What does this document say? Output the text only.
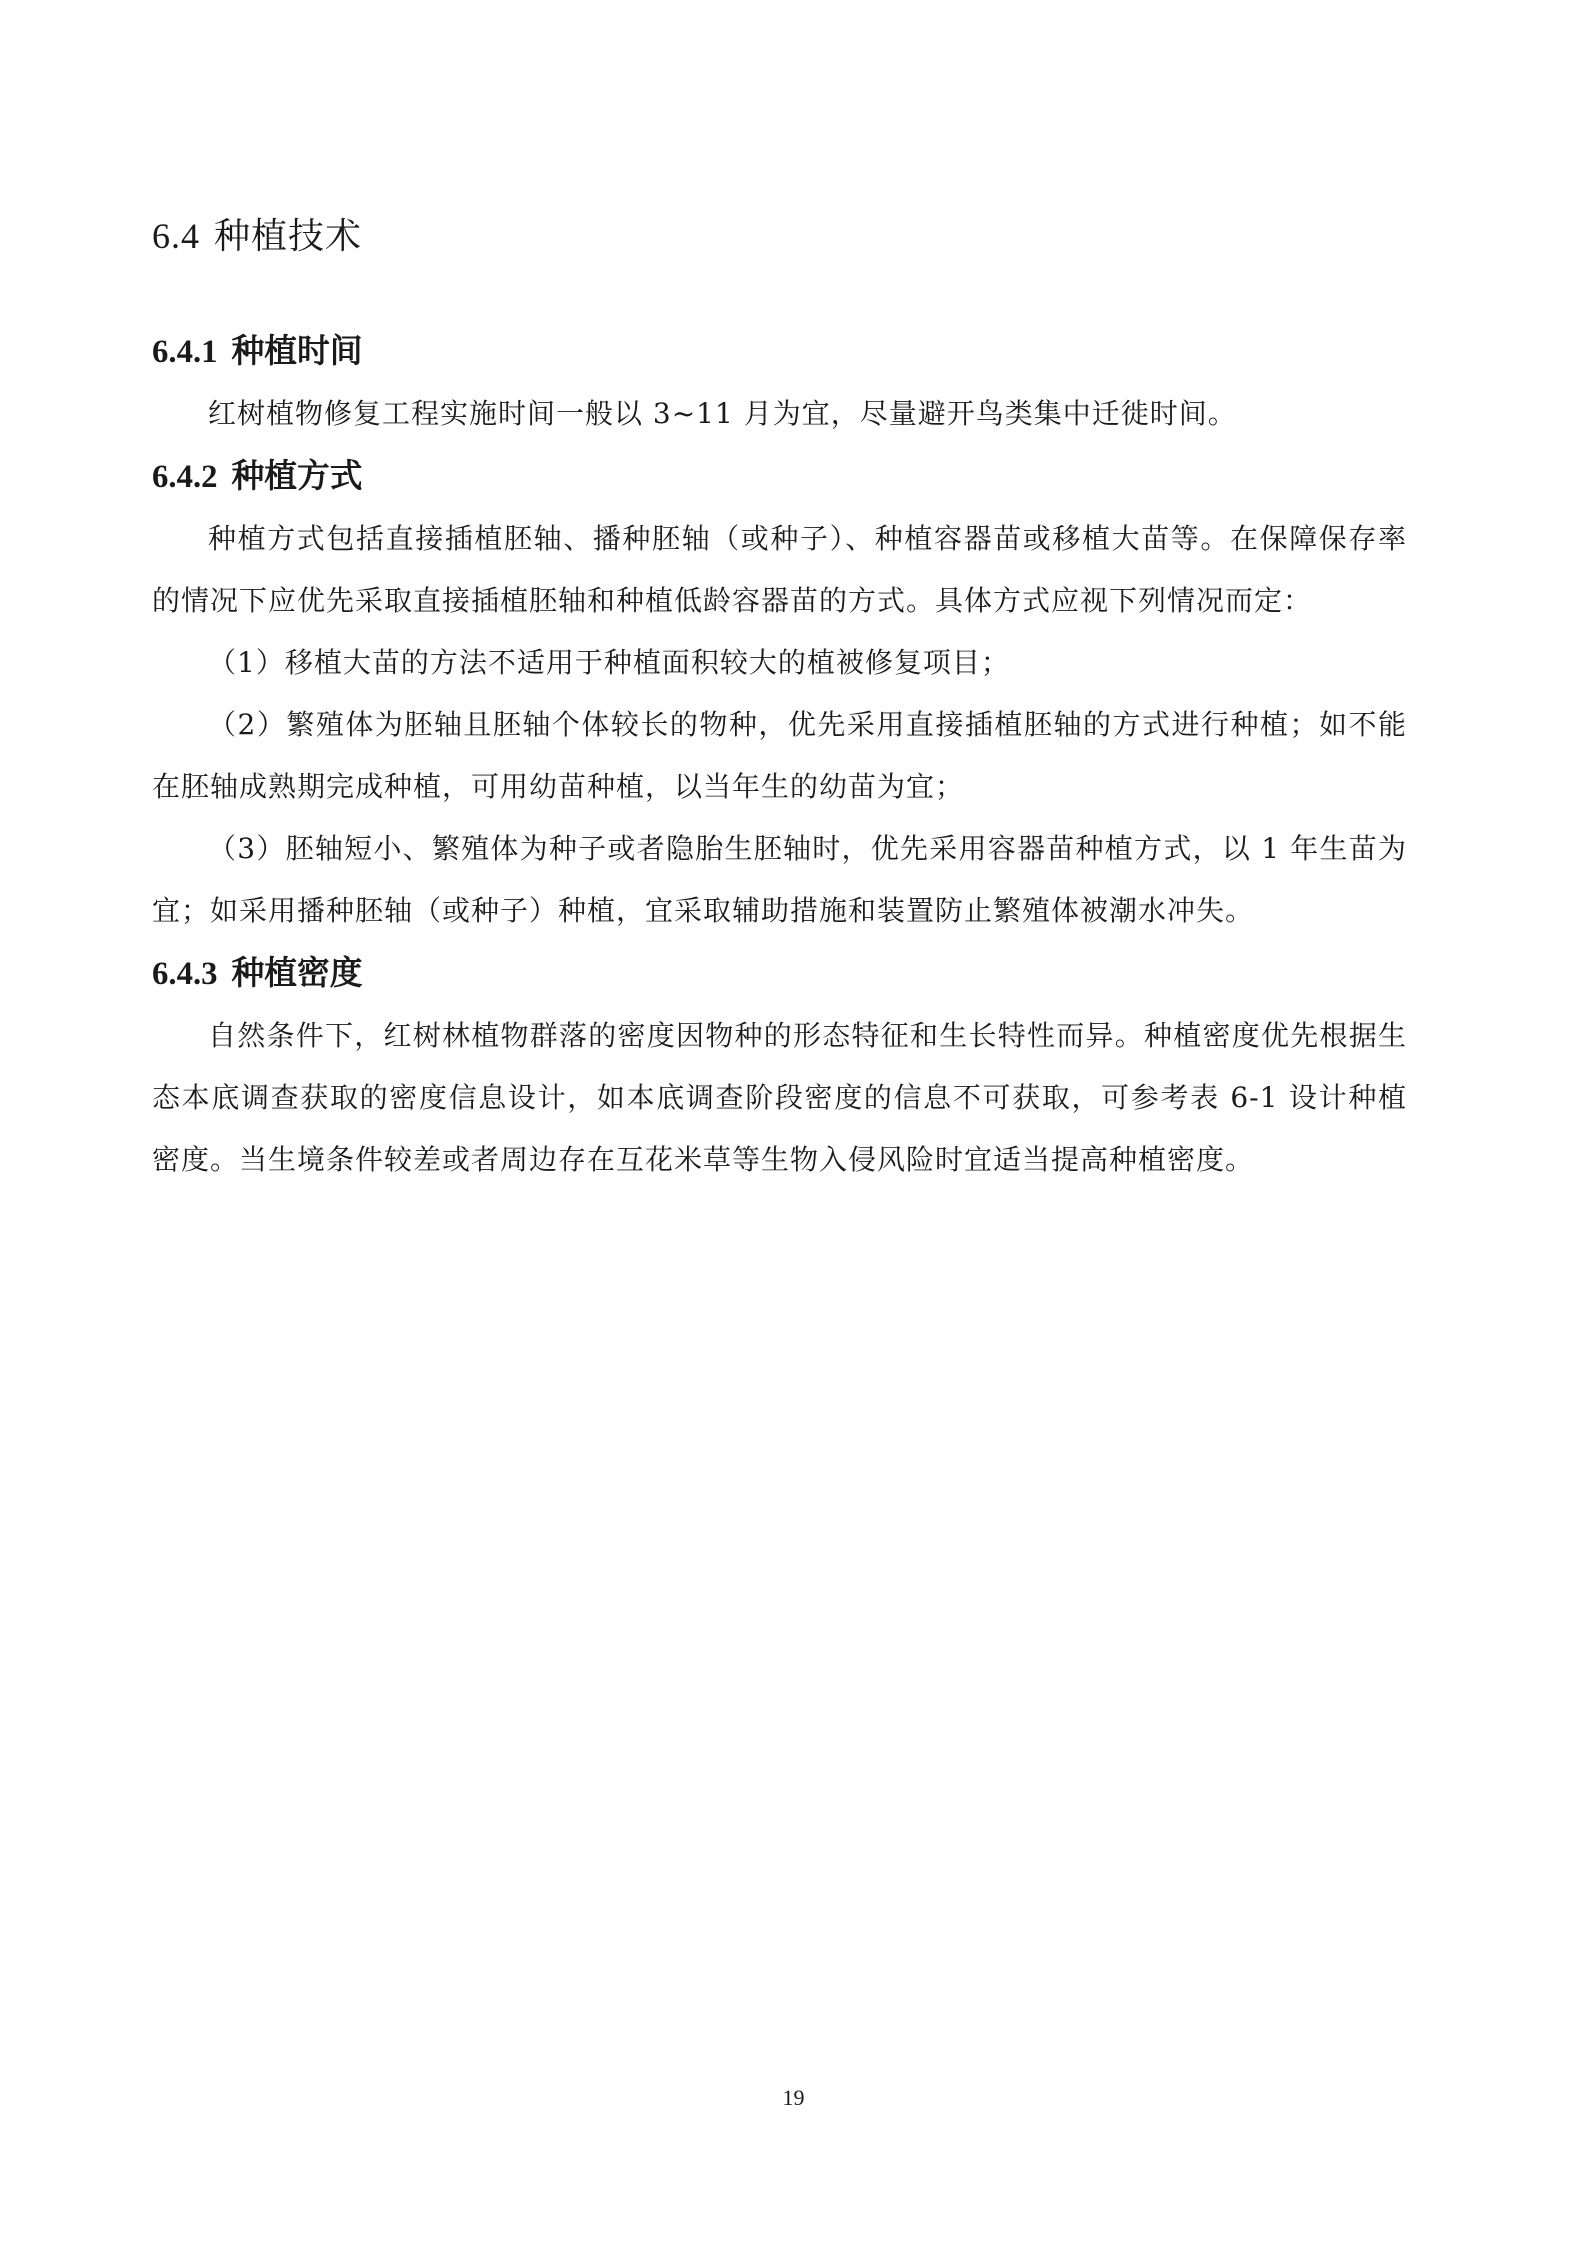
6.4 种植技术
6.4.1 种植时间

红树植物修复工程实施时间一般以 3~11 月为宜，尽量避开鸟类集中迁徙时间。

6.4.2 种植方式

种植方式包括直接插植胚轴、播种胚轴（或种子）、种植容器苗或移植大苗等。在保障保存率的情况下应优先采取直接插植胚轴和种植低龄容器苗的方式。具体方式应视下列情况而定：

（1）移植大苗的方法不适用于种植面积较大的植被修复项目；

（2）繁殖体为胚轴且胚轴个体较长的物种，优先采用直接插植胚轴的方式进行种植；如不能在胚轴成熟期完成种植，可用幼苗种植，以当年生的幼苗为宜；

（3）胚轴短小、繁殖体为种子或者隐胎生胚轴时，优先采用容器苗种植方式，以 1 年生苗为宜；如采用播种胚轴（或种子）种植，宜采取辅助措施和装置防止繁殖体被潮水冲失。

6.4.3 种植密度

自然条件下，红树林植物群落的密度因物种的形态特征和生长特性而异。种植密度优先根据生态本底调查获取的密度信息设计，如本底调查阶段密度的信息不可获取，可参考表 6-1 设计种植密度。当生境条件较差或者周边存在互花米草等生物入侵风险时宜适当提高种植密度。

19
